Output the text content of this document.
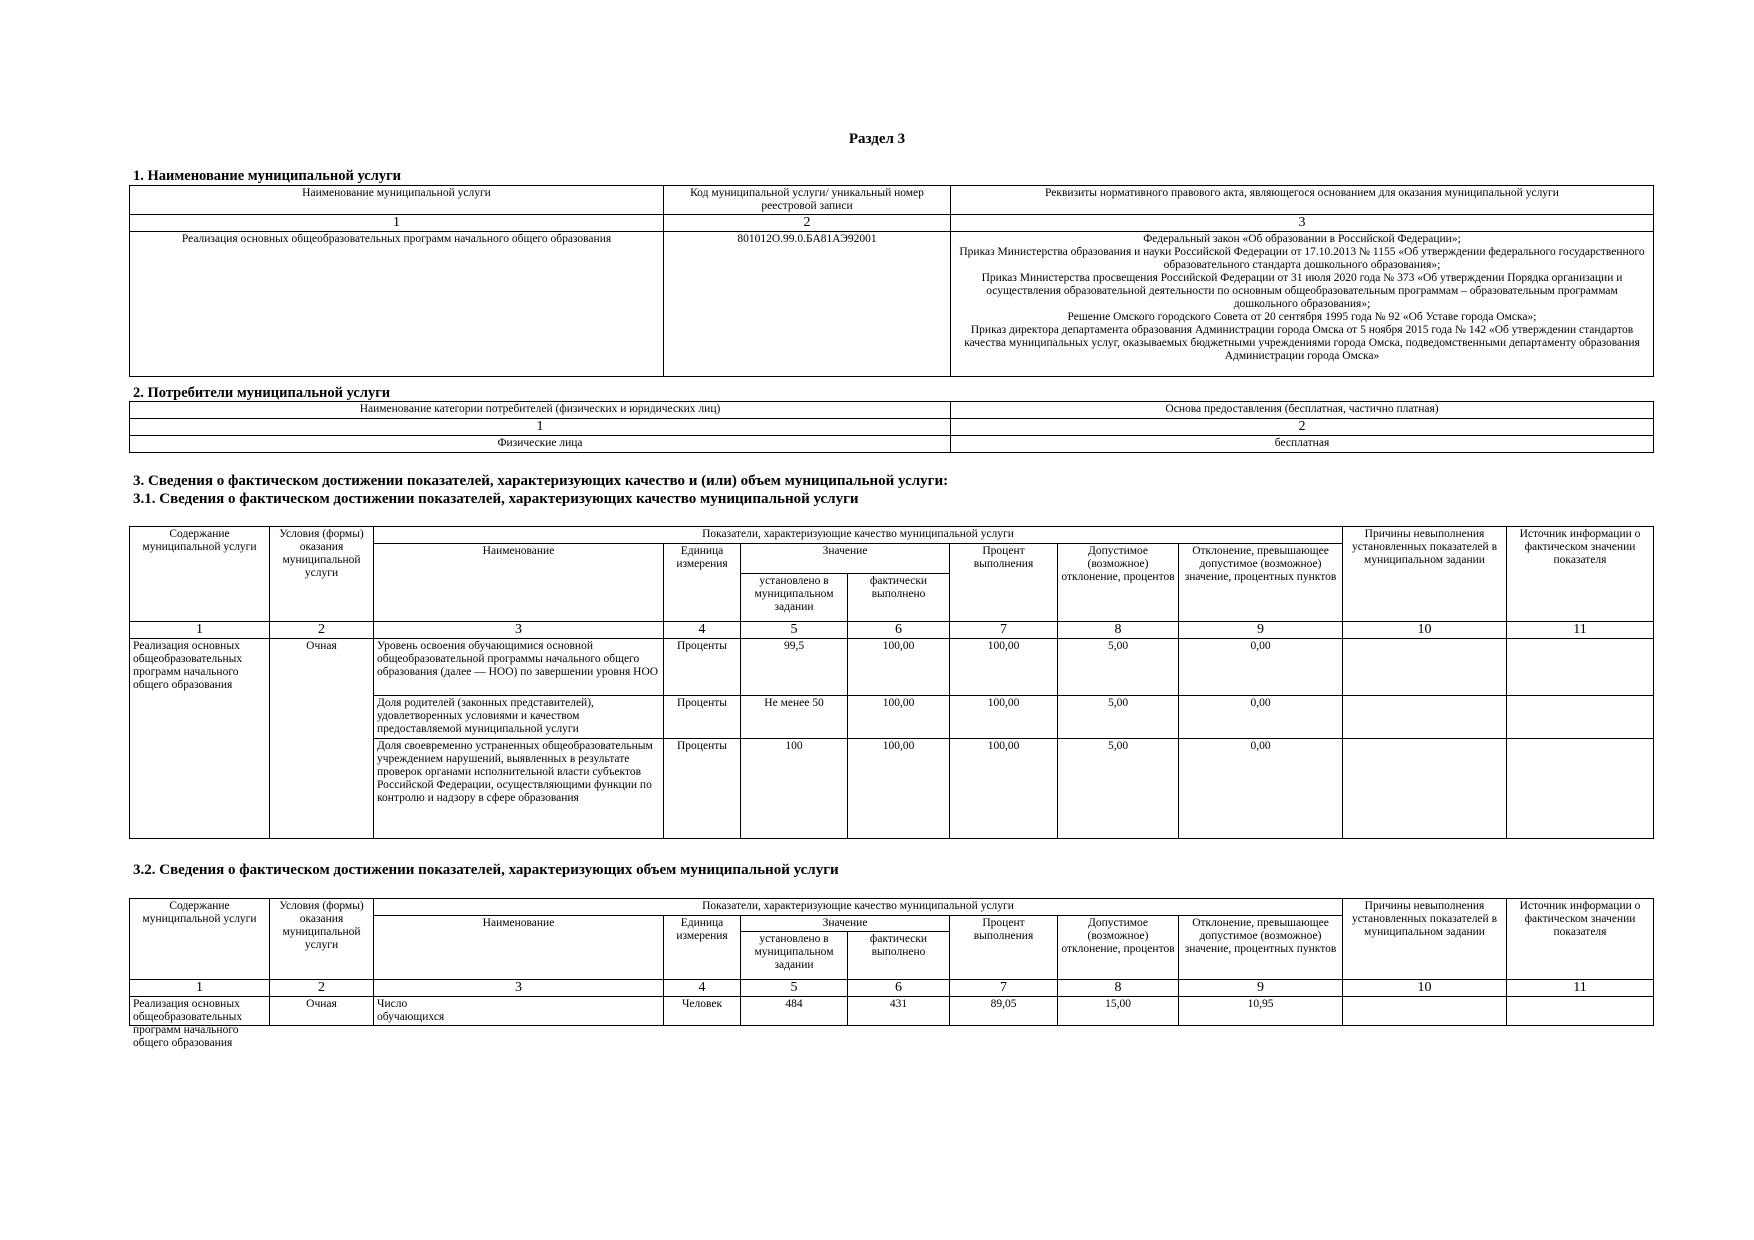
Раздел 3
1. Наименование муниципальной услуги
Наименование муниципальной услуги	Код муниципальной услуги/ уникальный номер реестровой записи	Реквизиты нормативного правового акта, являющегося основанием для оказания муниципальной услуги
1	2	3
Реализация основных общеобразовательных программ начального общего образования	801012О.99.0.БА81АЭ92001	Федеральный закон «Об образовании в Российской Федерации»;
Приказ Министерства образования и науки Российской Федерации от 17.10.2013 № 1155 «Об утверждении федерального государственного образовательного стандарта дошкольного образования»;
Приказ Министерства просвещения Российской Федерации от 31 июля 2020 года № 373 «Об утверждении Порядка организации и осуществления образовательной деятельности по основным общеобразовательным программам – образовательным программам дошкольного образования»;
Решение Омского городского Совета от 20 сентября 1995 года № 92 «Об Уставе города Омска»;
Приказ директора департамента образования Администрации города Омска от 5 ноября 2015 года № 142 «Об утверждении стандартов качества муниципальных услуг, оказываемых бюджетными учреждениями города Омска, подведомственными департаменту образования Администрации города Омска»
2. Потребители муниципальной услуги
Наименование категории потребителей (физических и юридических лиц)	Основа предоставления (бесплатная, частично платная)
1	2
Физические лица	бесплатная
3. Сведения о фактическом достижении показателей, характеризующих качество и (или) объем муниципальной услуги:
3.1. Сведения о фактическом достижении показателей, характеризующих качество муниципальной услуги
Содержание муниципальной услуги	Условия (формы) оказания муниципальной услуги	Показатели, характеризующие качество муниципальной услуги							Причины невыполнения установленных показателей в муниципальном задании	Источник информации о фактическом значении показателя
		Наименование	Единица измерения	Значение		Процент выполнения	Допустимое (возможное) отклонение, процентов	Отклонение, превышающее допустимое (возможное) значение, процентных пунктов		
				установлено в муниципальном задании	фактически выполнено					
1	2	3	4	5	6	7	8	9	10	11
Реализация основных общеобразовательных программ начального общего образования	Очная	Уровень освоения обучающимися основной общеобразовательной программы начального общего образования (далее — НОО) по завершении уровня НОО	Проценты	99,5	100,00	100,00	5,00	0,00		
		Доля родителей (законных представителей), удовлетворенных условиями и качеством предоставляемой муниципальной услуги	Проценты	Не менее 50	100,00	100,00	5,00	0,00		
		Доля своевременно устраненных общеобразовательным учреждением нарушений, выявленных в результате проверок органами исполнительной власти субъектов Российской Федерации, осуществляющими функции по контролю и надзору в сфере образования	Проценты	100	100,00	100,00	5,00	0,00		
3.2. Сведения о фактическом достижении показателей, характеризующих объем муниципальной услуги
Содержание муниципальной услуги	Условия (формы) оказания муниципальной услуги	Показатели, характеризующие качество муниципальной услуги							Причины невыполнения установленных показателей в муниципальном задании	Источник информации о фактическом значении показателя
		Наименование	Единица измерения	Значение		Процент выполнения	Допустимое (возможное) отклонение, процентов	Отклонение, превышающее допустимое (возможное) значение, процентных пунктов		
				установлено в муниципальном задании	фактически выполнено					
1	2	3	4	5	6	7	8	9	10	11

Реализация основных общеобразовательных программ начального общего образования	Очная	Число обучающихся	Человек	484	431	89,05	15,00	10,95		
